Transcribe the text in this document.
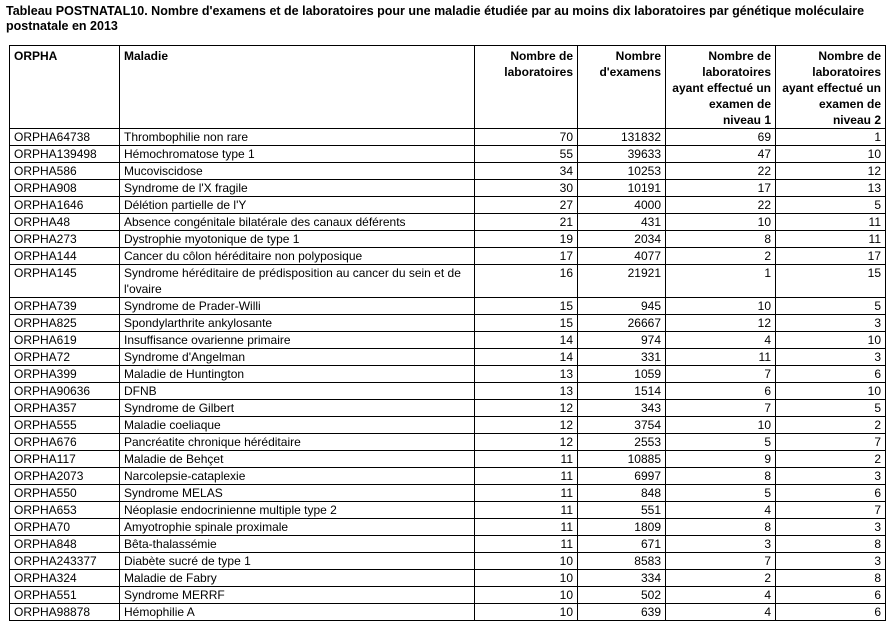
Tableau POSTNATAL10. Nombre d'examens et de laboratoires pour une maladie étudiée par au moins dix laboratoires par génétique moléculaire postnatale en 2013
ORPHA	Maladie	Nombre de laboratoires	Nombre d'examens	Nombre de laboratoires ayant effectué un examen de niveau 1	Nombre de laboratoires ayant effectué un examen de niveau 2
ORPHA64738	Thrombophilie non rare	70	131832	69	1
ORPHA139498	Hémochromatose type 1	55	39633	47	10
ORPHA586	Mucoviscidose	34	10253	22	12
ORPHA908	Syndrome de l'X fragile	30	10191	17	13
ORPHA1646	Délétion partielle de l'Y	27	4000	22	5
ORPHA48	Absence congénitale bilatérale des canaux déférents	21	431	10	11
ORPHA273	Dystrophie myotonique de type 1	19	2034	8	11
ORPHA144	Cancer du côlon héréditaire non polyposique	17	4077	2	17
ORPHA145	Syndrome héréditaire de prédisposition au cancer du sein et de l'ovaire	16	21921	1	15
ORPHA739	Syndrome de Prader-Willi	15	945	10	5
ORPHA825	Spondylarthrite ankylosante	15	26667	12	3
ORPHA619	Insuffisance ovarienne primaire	14	974	4	10
ORPHA72	Syndrome d'Angelman	14	331	11	3
ORPHA399	Maladie de Huntington	13	1059	7	6
ORPHA90636	DFNB	13	1514	6	10
ORPHA357	Syndrome de Gilbert	12	343	7	5
ORPHA555	Maladie coeliaque	12	3754	10	2
ORPHA676	Pancréatite chronique héréditaire	12	2553	5	7
ORPHA117	Maladie de Behçet	11	10885	9	2
ORPHA2073	Narcolepsie-cataplexie	11	6997	8	3
ORPHA550	Syndrome MELAS	11	848	5	6
ORPHA653	Néoplasie endocrinienne multiple type 2	11	551	4	7
ORPHA70	Amyotrophie spinale proximale	11	1809	8	3
ORPHA848	Bêta-thalassémie	11	671	3	8
ORPHA243377	Diabète sucré de type 1	10	8583	7	3
ORPHA324	Maladie de Fabry	10	334	2	8
ORPHA551	Syndrome MERRF	10	502	4	6
ORPHA98878	Hémophilie A	10	639	4	6
